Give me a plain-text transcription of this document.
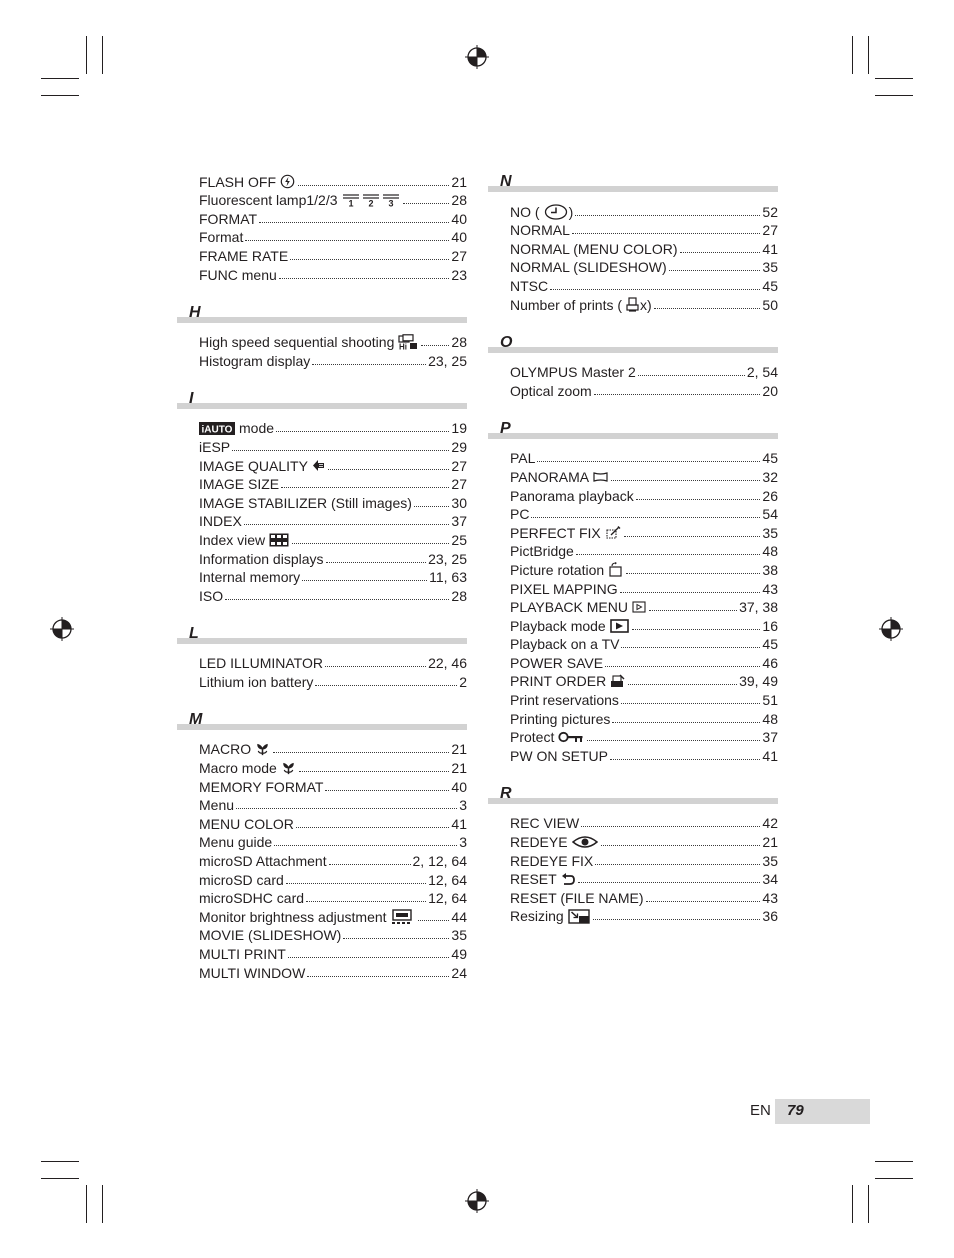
FLASH OFF	21
Fluorescent lamp1/2/3 1 2 3	28
FORMAT	40
Format	40
FRAME RATE	27
FUNC menu	23
H
High speed sequential shooting Hi	28
Histogram display	23, 25
I
iAUTO mode	19
iESP	29
IMAGE QUALITY	27
IMAGE SIZE	27
IMAGE STABILIZER (Still images)	30
INDEX	37
Index view	25
Information displays	23, 25
Internal memory	11, 63
ISO	28
L
LED ILLUMINATOR	22, 46
Lithium ion battery	2
M
MACRO	21
Macro mode	21
MEMORY FORMAT	40
Menu	3
MENU COLOR	41
Menu guide	3
microSD Attachment	2, 12, 64
microSD card	12, 64
microSDHC card	12, 64
Monitor brightness adjustment	44
MOVIE (SLIDESHOW)	35
MULTI PRINT	49
MULTI WINDOW	24
N
NO ( )	52
NORMAL	27
NORMAL (MENU COLOR)	41
NORMAL (SLIDESHOW)	35
NTSC	45
Number of prints ( x)	50
O
OLYMPUS Master 2	2, 54
Optical zoom	20
P
PAL	45
PANORAMA	32
Panorama playback	26
PC	54
PERFECT FIX	35
PictBridge	48
Picture rotation	38
PIXEL MAPPING	43
PLAYBACK MENU	37, 38
Playback mode	16
Playback on a TV	45
POWER SAVE	46
PRINT ORDER	39, 49
Print reservations	51
Printing pictures	48
Protect	37
PW ON SETUP	41
R
REC VIEW	42
REDEYE	21
REDEYE FIX	35
RESET	34
RESET (FILE NAME)	43
Resizing	36
EN 79
